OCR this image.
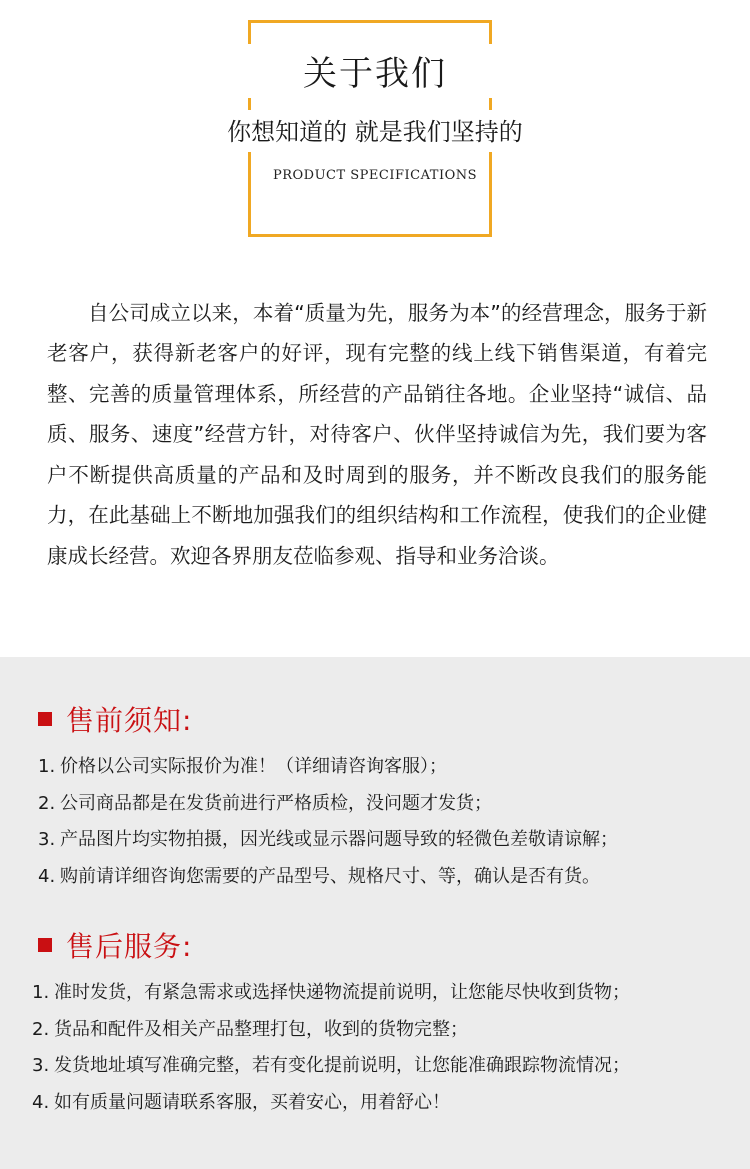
关于我们
你想知道的 就是我们坚持的
PRODUCT SPECIFICATIONS

自公司成立以来，本着“质量为先，服务为本”的经营理念，服务于新老客户，获得新老客户的好评，现有完整的线上线下销售渠道，有着完整、完善的质量管理体系，所经营的产品销往各地。企业坚持“诚信、品质、服务、速度”经营方针，对待客户、伙伴坚持诚信为先，我们要为客户不断提供高质量的产品和及时周到的服务，并不断改良我们的服务能力，在此基础上不断地加强我们的组织结构和工作流程，使我们的企业健康成长经营。欢迎各界朋友莅临参观、指导和业务洽谈。

售前须知:
1. 价格以公司实际报价为准！（详细请咨询客服）；
2. 公司商品都是在发货前进行严格质检，没问题才发货；
3. 产品图片均实物拍摄，因光线或显示器问题导致的轻微色差敬请谅解；
4. 购前请详细咨询您需要的产品型号、规格尺寸、等，确认是否有货。
售后服务:
1. 准时发货，有紧急需求或选择快递物流提前说明，让您能尽快收到货物；
2. 货品和配件及相关产品整理打包，收到的货物完整；
3. 发货地址填写准确完整，若有变化提前说明，让您能准确跟踪物流情况；
4. 如有质量问题请联系客服，买着安心，用着舒心！
